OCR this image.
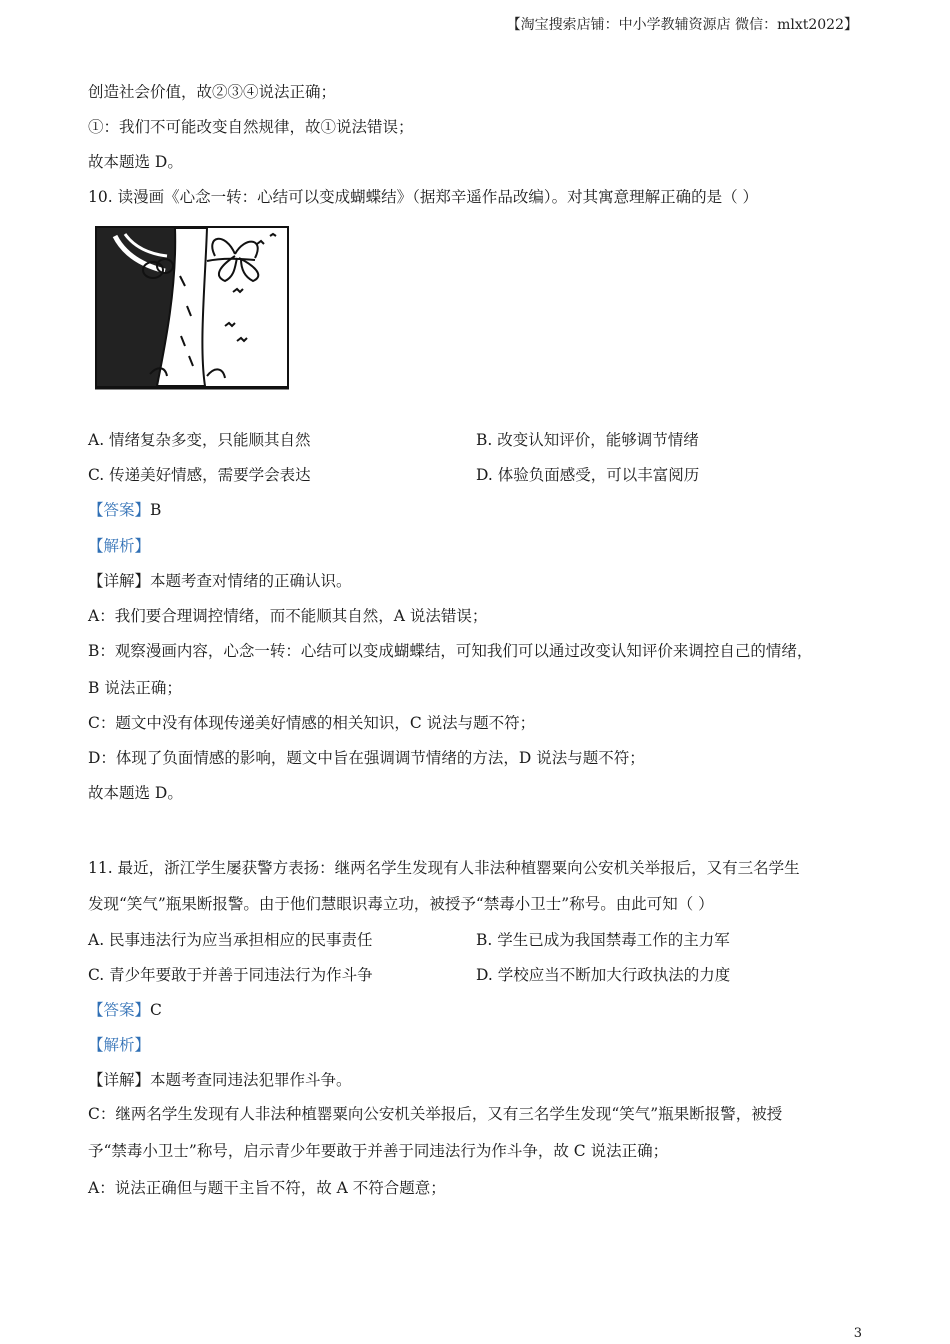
【淘宝搜索店铺：中小学教辅资源店 微信：mlxt2022】
创造社会价值，故②③④说法正确；
①：我们不可能改变自然规律，故①说法错误；
故本题选 D。
10. 读漫画《心念一转：心结可以变成蝴蝶结》（据郑辛遥作品改编）。对其寓意理解正确的是（ ）
A. 情绪复杂多变，只能顺其自然	B. 改变认知评价，能够调节情绪
C. 传递美好情感，需要学会表达	D. 体验负面感受，可以丰富阅历
【答案】B
【解析】
【详解】本题考查对情绪的正确认识。
A：我们要合理调控情绪，而不能顺其自然，A 说法错误；
B：观察漫画内容，心念一转：心结可以变成蝴蝶结，可知我们可以通过改变认知评价来调控自己的情绪，
B 说法正确；
C：题文中没有体现传递美好情感的相关知识，C 说法与题不符；
D：体现了负面情感的影响，题文中旨在强调调节情绪的方法，D 说法与题不符；
故本题选 D。
11. 最近，浙江学生屡获警方表扬：继两名学生发现有人非法种植罂粟向公安机关举报后，又有三名学生
发现“笑气”瓶果断报警。由于他们慧眼识毒立功，被授予“禁毒小卫士”称号。由此可知（ ）
A. 民事违法行为应当承担相应的民事责任	B. 学生已成为我国禁毒工作的主力军
C. 青少年要敢于并善于同违法行为作斗争	D. 学校应当不断加大行政执法的力度
【答案】C
【解析】
【详解】本题考查同违法犯罪作斗争。
C：继两名学生发现有人非法种植罂粟向公安机关举报后，又有三名学生发现“笑气”瓶果断报警，被授
予“禁毒小卫士”称号，启示青少年要敢于并善于同违法行为作斗争，故 C 说法正确；
A：说法正确但与题干主旨不符，故 A 不符合题意；
3
